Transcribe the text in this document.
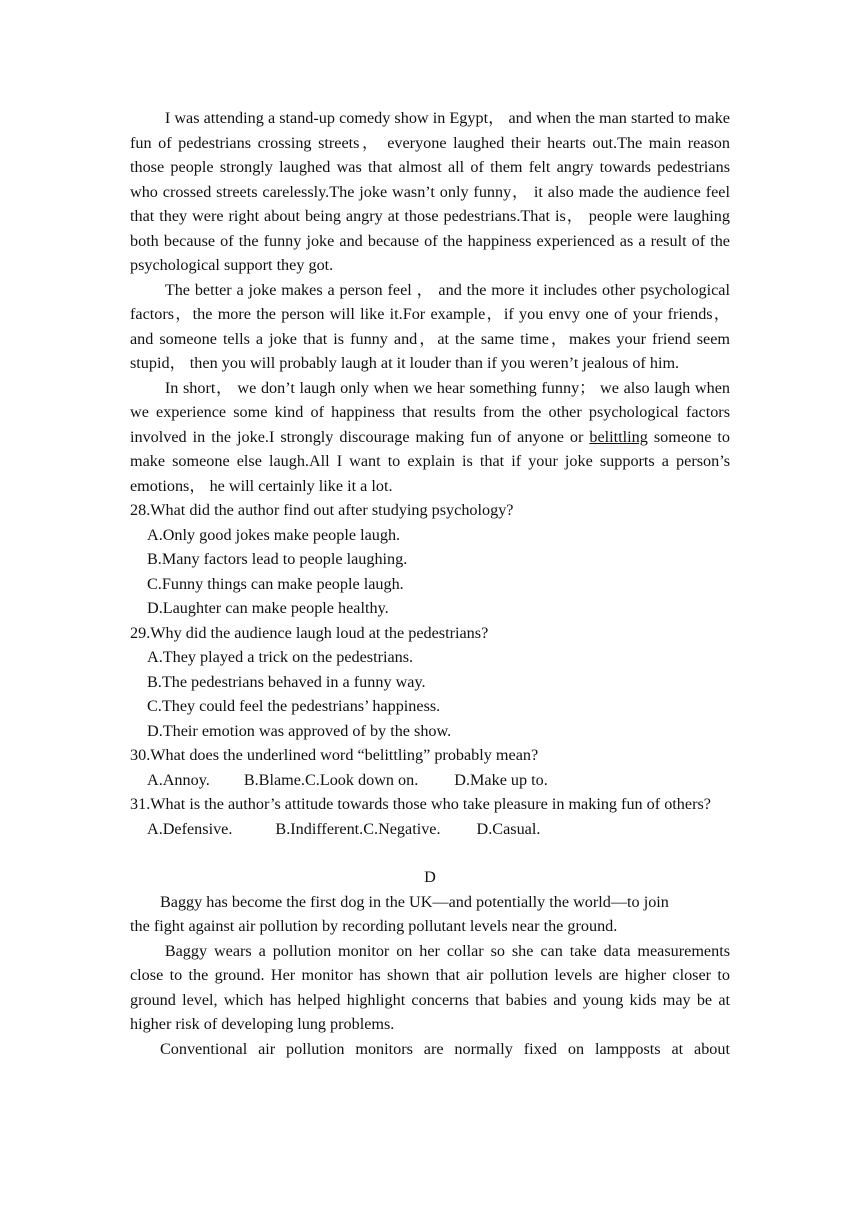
I was attending a stand-up comedy show in Egypt， and when the man started to make fun of pedestrians crossing streets， everyone laughed their hearts out.The main reason those people strongly laughed was that almost all of them felt angry towards pedestrians who crossed streets carelessly.The joke wasn’t only funny， it also made the audience feel that they were right about being angry at those pedestrians.That is， people were laughing both because of the funny joke and because of the happiness experienced as a result of the psychological support they got.

The better a joke makes a person feel ， and the more it includes other psychological factors，the more the person will like it.For example，if you envy one of your friends，and someone tells a joke that is funny and，at the same time，makes your friend seem stupid， then you will probably laugh at it louder than if you weren’t jealous of him.

In short， we don’t laugh only when we hear something funny； we also laugh when we experience some kind of happiness that results from the other psychological factors involved in the joke.I strongly discourage making fun of anyone or belittling someone to make someone else laugh.All I want to explain is that if your joke supports a person’s emotions， he will certainly like it a lot.

28.What did the author find out after studying psychology?

A.Only good jokes make people laugh.

B.Many factors lead to people laughing.

C.Funny things can make people laugh.

D.Laughter can make people healthy.

29.Why did the audience laugh loud at the pedestrians?

A.They played a trick on the pedestrians.

B.The pedestrians behaved in a funny way.

C.They could feel the pedestrians’ happiness.

D.Their emotion was approved of by the show.

30.What does the underlined word “belittling” probably mean?

A.Annoy. B.Blame.C.Look down on. D.Make up to.

31.What is the author’s attitude towards those who take pleasure in making fun of others?

A.Defensive.	B.Indifferent.C.Negative. D.Casual.

D

Baggy has become the first dog in the UK—and potentially the world—to join

the fight against air pollution by recording pollutant levels near the ground.

Baggy wears a pollution monitor on her collar so she can take data measurements close to the ground. Her monitor has shown that air pollution levels are higher closer to ground level, which has helped highlight concerns that babies and young kids may be at higher risk of developing lung problems.

Conventional air pollution monitors are normally fixed on lampposts at about
